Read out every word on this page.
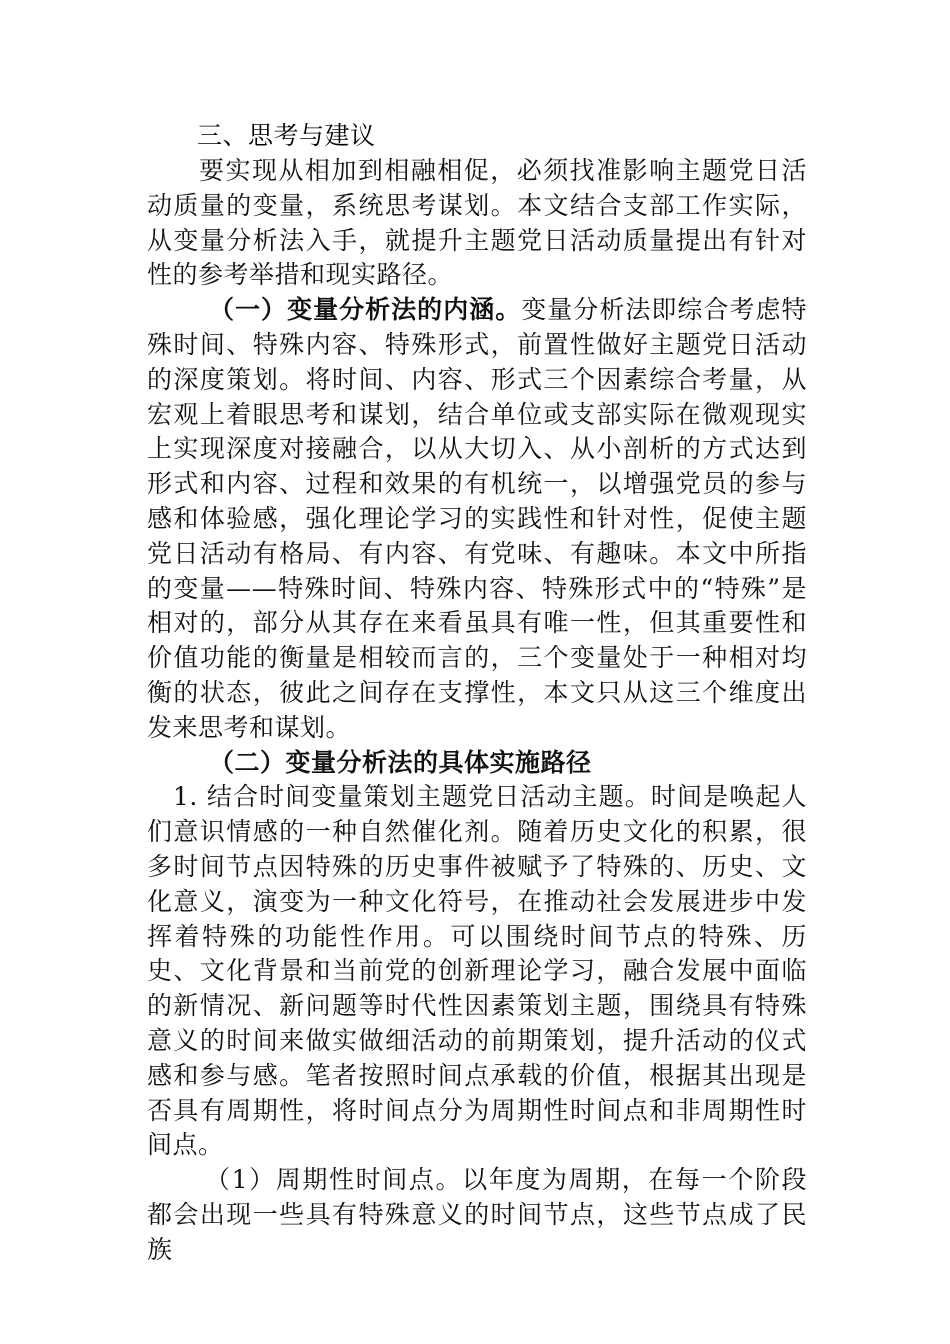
三、思考与建议

要实现从相加到相融相促，必须找准影响主题党日活动质量的变量，系统思考谋划。本文结合支部工作实际，从变量分析法入手，就提升主题党日活动质量提出有针对性的参考举措和现实路径。

（一）变量分析法的内涵。变量分析法即综合考虑特殊时间、特殊内容、特殊形式，前置性做好主题党日活动的深度策划。将时间、内容、形式三个因素综合考量，从宏观上着眼思考和谋划，结合单位或支部实际在微观现实上实现深度对接融合，以从大切入、从小剖析的方式达到形式和内容、过程和效果的有机统一，以增强党员的参与感和体验感，强化理论学习的实践性和针对性，促使主题党日活动有格局、有内容、有党味、有趣味。本文中所指的变量——特殊时间、特殊内容、特殊形式中的“特殊”是相对的，部分从其存在来看虽具有唯一性，但其重要性和价值功能的衡量是相较而言的，三个变量处于一种相对均衡的状态，彼此之间存在支撑性，本文只从这三个维度出发来思考和谋划。

（二）变量分析法的具体实施路径

1. 结合时间变量策划主题党日活动主题。时间是唤起人们意识情感的一种自然催化剂。随着历史文化的积累，很多时间节点因特殊的历史事件被赋予了特殊的、历史、文化意义，演变为一种文化符号，在推动社会发展进步中发挥着特殊的功能性作用。可以围绕时间节点的特殊、历史、文化背景和当前党的创新理论学习，融合发展中面临的新情况、新问题等时代性因素策划主题，围绕具有特殊意义的时间来做实做细活动的前期策划，提升活动的仪式感和参与感。笔者按照时间点承载的价值，根据其出现是否具有周期性，将时间点分为周期性时间点和非周期性时间点。

（1）周期性时间点。以年度为周期，在每一个阶段都会出现一些具有特殊意义的时间节点，这些节点成了民族
